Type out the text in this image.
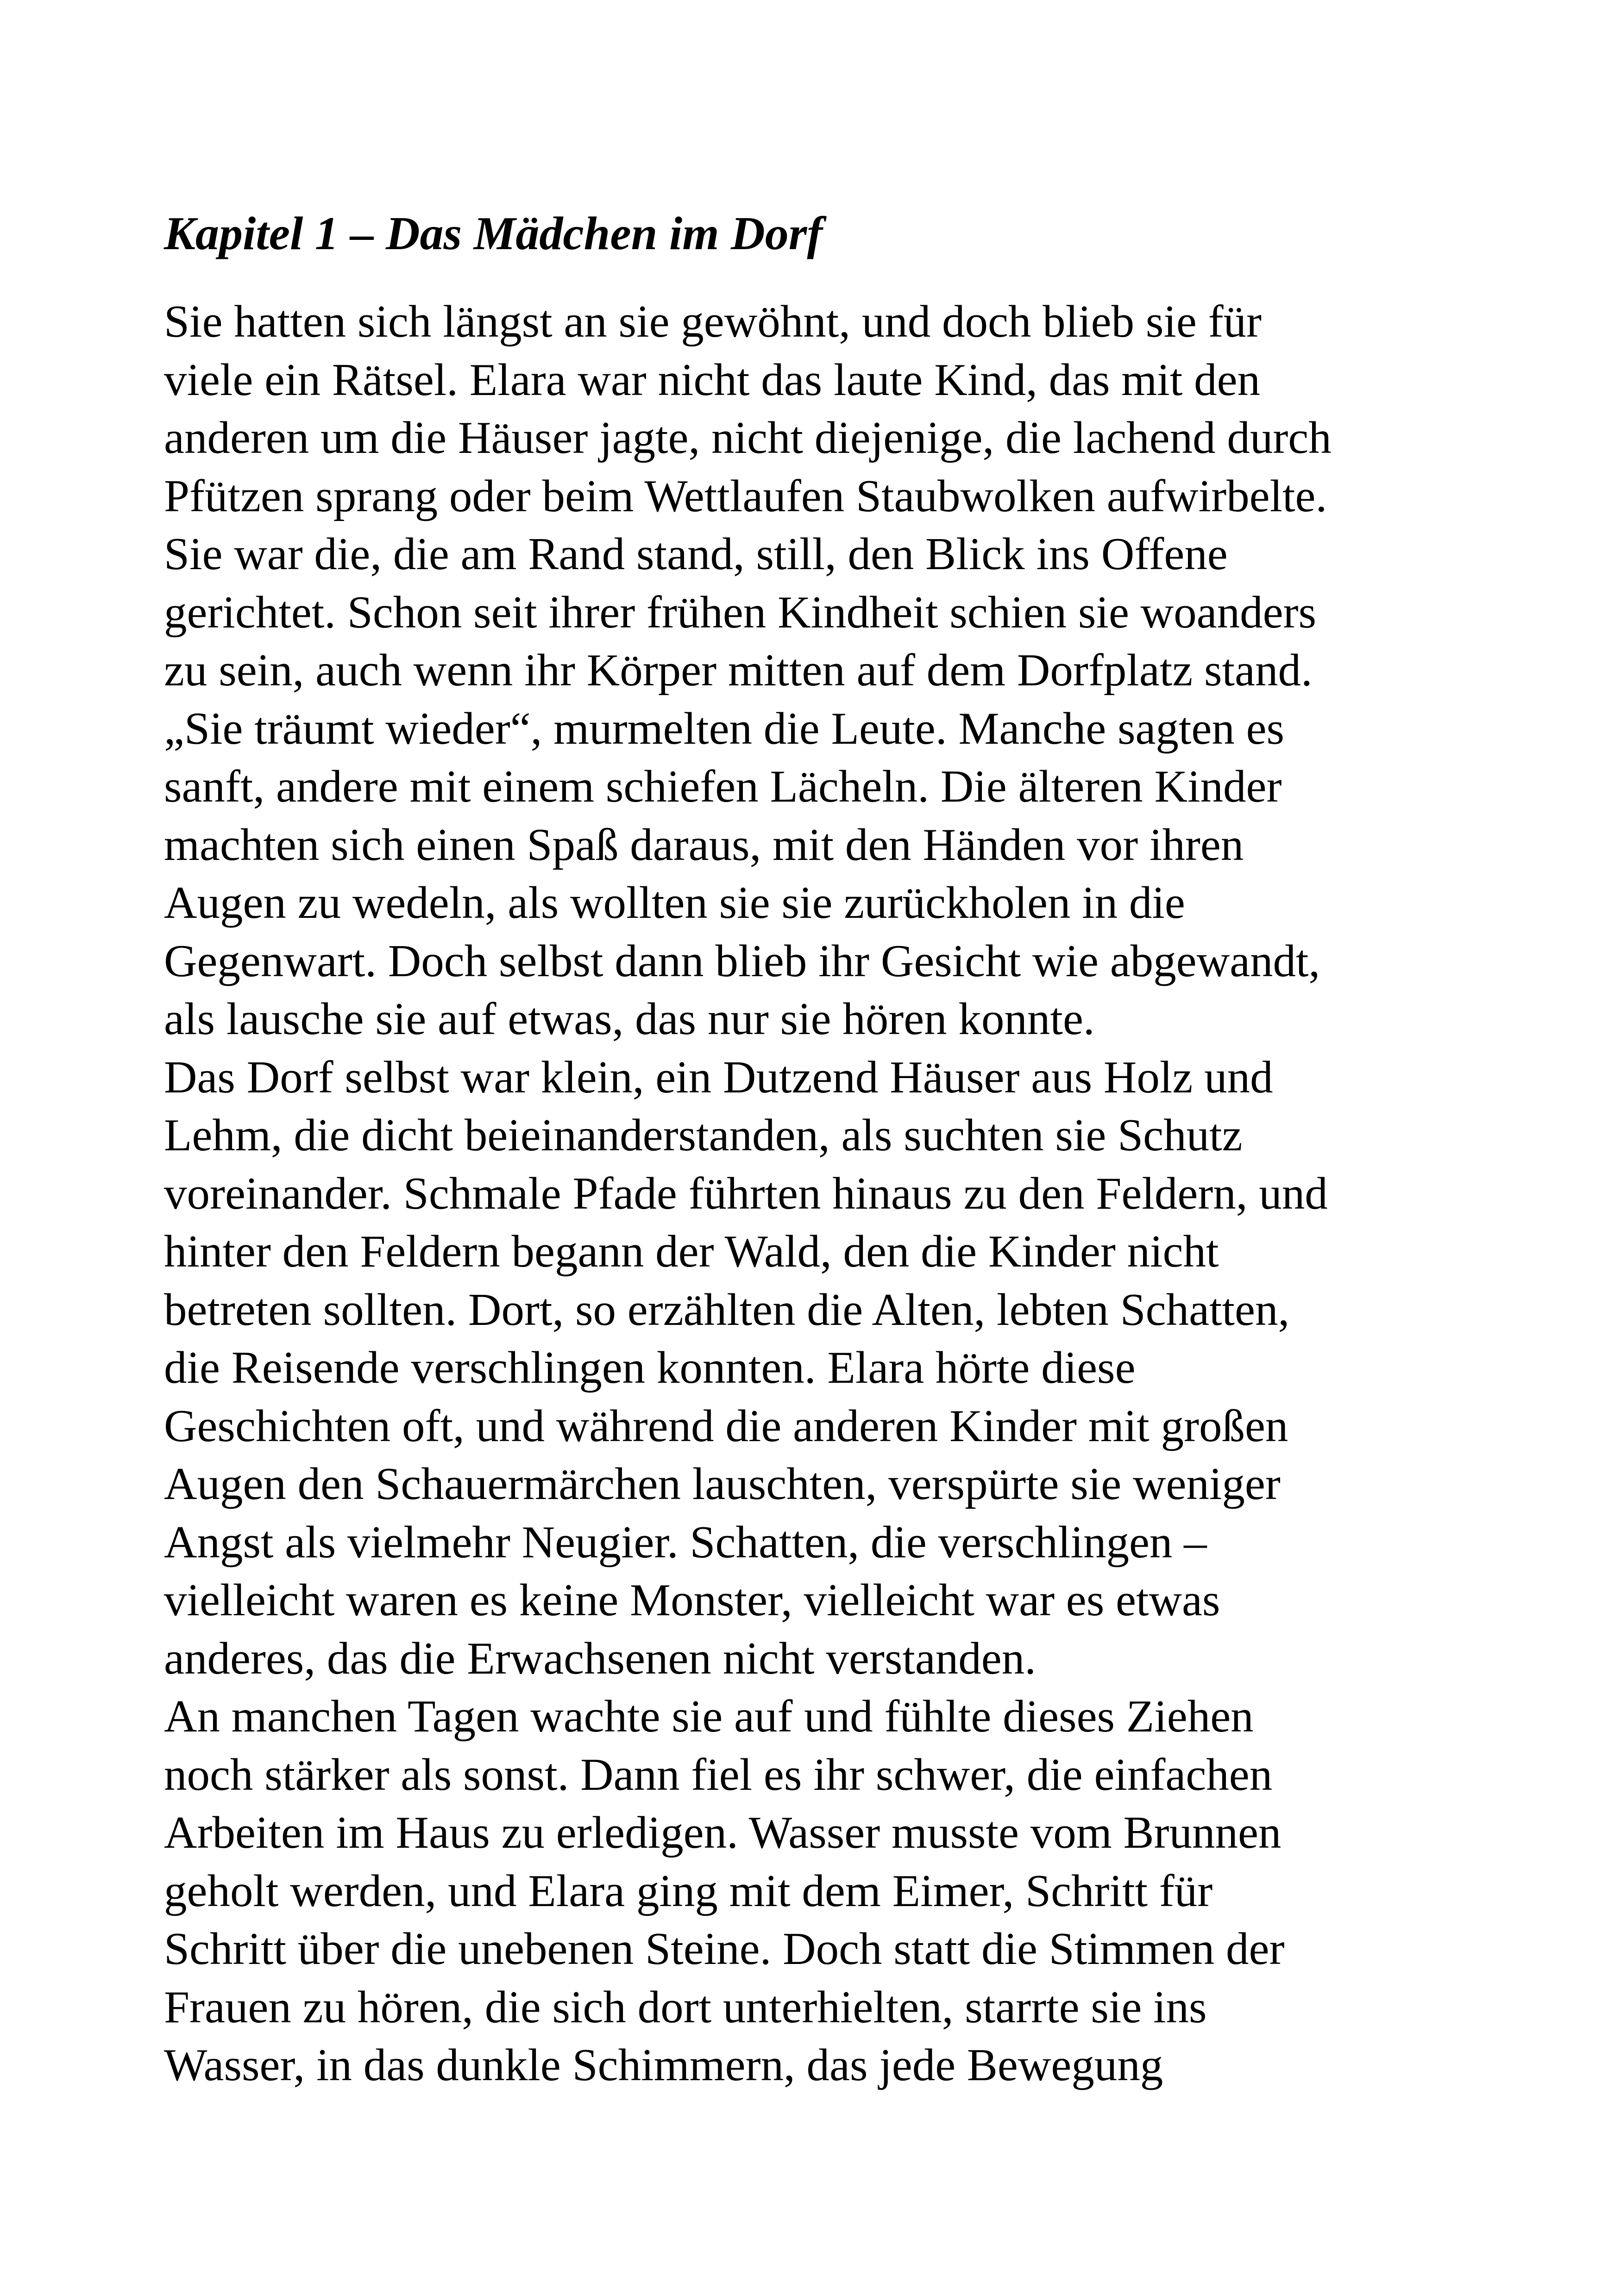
Kapitel 1 – Das Mädchen im Dorf
Sie hatten sich längst an sie gewöhnt, und doch blieb sie für
viele ein Rätsel. Elara war nicht das laute Kind, das mit den
anderen um die Häuser jagte, nicht diejenige, die lachend durch
Pfützen sprang oder beim Wettlaufen Staubwolken aufwirbelte.
Sie war die, die am Rand stand, still, den Blick ins Offene
gerichtet. Schon seit ihrer frühen Kindheit schien sie woanders
zu sein, auch wenn ihr Körper mitten auf dem Dorfplatz stand.
„Sie träumt wieder“, murmelten die Leute. Manche sagten es
sanft, andere mit einem schiefen Lächeln. Die älteren Kinder
machten sich einen Spaß daraus, mit den Händen vor ihren
Augen zu wedeln, als wollten sie sie zurückholen in die
Gegenwart. Doch selbst dann blieb ihr Gesicht wie abgewandt,
als lausche sie auf etwas, das nur sie hören konnte.
Das Dorf selbst war klein, ein Dutzend Häuser aus Holz und
Lehm, die dicht beieinanderstanden, als suchten sie Schutz
voreinander. Schmale Pfade führten hinaus zu den Feldern, und
hinter den Feldern begann der Wald, den die Kinder nicht
betreten sollten. Dort, so erzählten die Alten, lebten Schatten,
die Reisende verschlingen konnten. Elara hörte diese
Geschichten oft, und während die anderen Kinder mit großen
Augen den Schauermärchen lauschten, verspürte sie weniger
Angst als vielmehr Neugier. Schatten, die verschlingen –
vielleicht waren es keine Monster, vielleicht war es etwas
anderes, das die Erwachsenen nicht verstanden.
An manchen Tagen wachte sie auf und fühlte dieses Ziehen
noch stärker als sonst. Dann fiel es ihr schwer, die einfachen
Arbeiten im Haus zu erledigen. Wasser musste vom Brunnen
geholt werden, und Elara ging mit dem Eimer, Schritt für
Schritt über die unebenen Steine. Doch statt die Stimmen der
Frauen zu hören, die sich dort unterhielten, starrte sie ins
Wasser, in das dunkle Schimmern, das jede Bewegung
